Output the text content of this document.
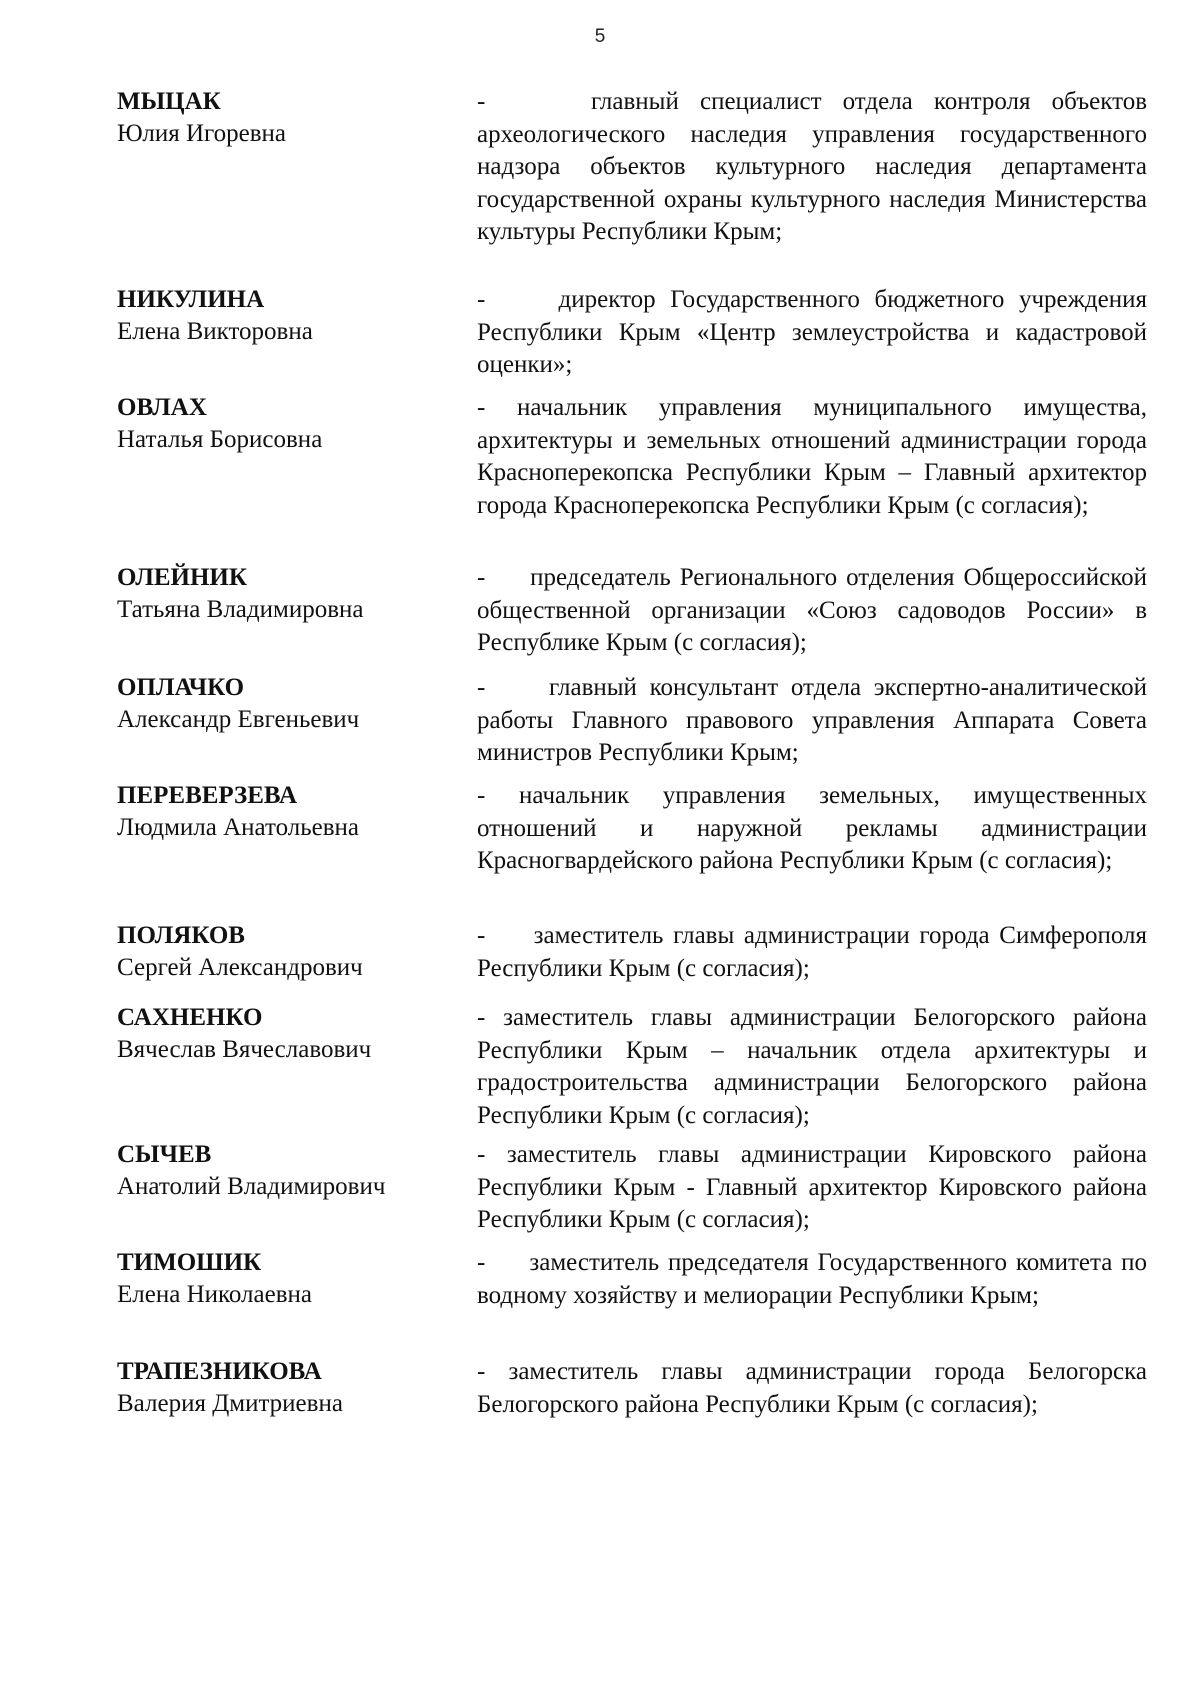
5
МЫЦАК
Юлия Игоревна
-     главный специалист отдела контроля объектов археологического наследия управления государственного надзора объектов культурного наследия департамента государственной охраны культурного наследия Министерства культуры Республики Крым;
НИКУЛИНА
Елена Викторовна
-     директор Государственного бюджетного учреждения Республики Крым «Центр землеустройства и кадастровой оценки»;
ОВЛАХ
Наталья Борисовна
- начальник управления муниципального имущества, архитектуры и земельных отношений администрации города Красноперекопска Республики Крым – Главный архитектор города Красноперекопска Республики Крым (с согласия);
ОЛЕЙНИК
Татьяна Владимировна
-     председатель Регионального отделения Общероссийской общественной организации «Союз садоводов России» в Республике Крым (с согласия);
ОПЛАЧКО
Александр Евгеньевич
-     главный консультант отдела экспертно-аналитической работы Главного правового управления Аппарата Совета министров Республики Крым;
ПЕРЕВЕРЗЕВА
Людмила Анатольевна
- начальник управления земельных, имущественных отношений и наружной рекламы администрации Красногвардейского района Республики Крым (с согласия);
ПОЛЯКОВ
Сергей Александрович
-     заместитель главы администрации города Симферополя Республики Крым (с согласия);
САХНЕНКО
Вячеслав Вячеславович
- заместитель главы администрации Белогорского района Республики Крым – начальник отдела архитектуры и градостроительства администрации Белогорского района Республики Крым (с согласия);
СЫЧЕВ
Анатолий Владимирович
- заместитель главы администрации Кировского района Республики Крым - Главный архитектор Кировского района Республики Крым (с согласия);
ТИМОШИК
Елена Николаевна
-     заместитель председателя Государственного комитета по водному хозяйству и мелиорации Республики Крым;
ТРАПЕЗНИКОВА
Валерия Дмитриевна
- заместитель главы администрации города Белогорска Белогорского района Республики Крым (с согласия);
